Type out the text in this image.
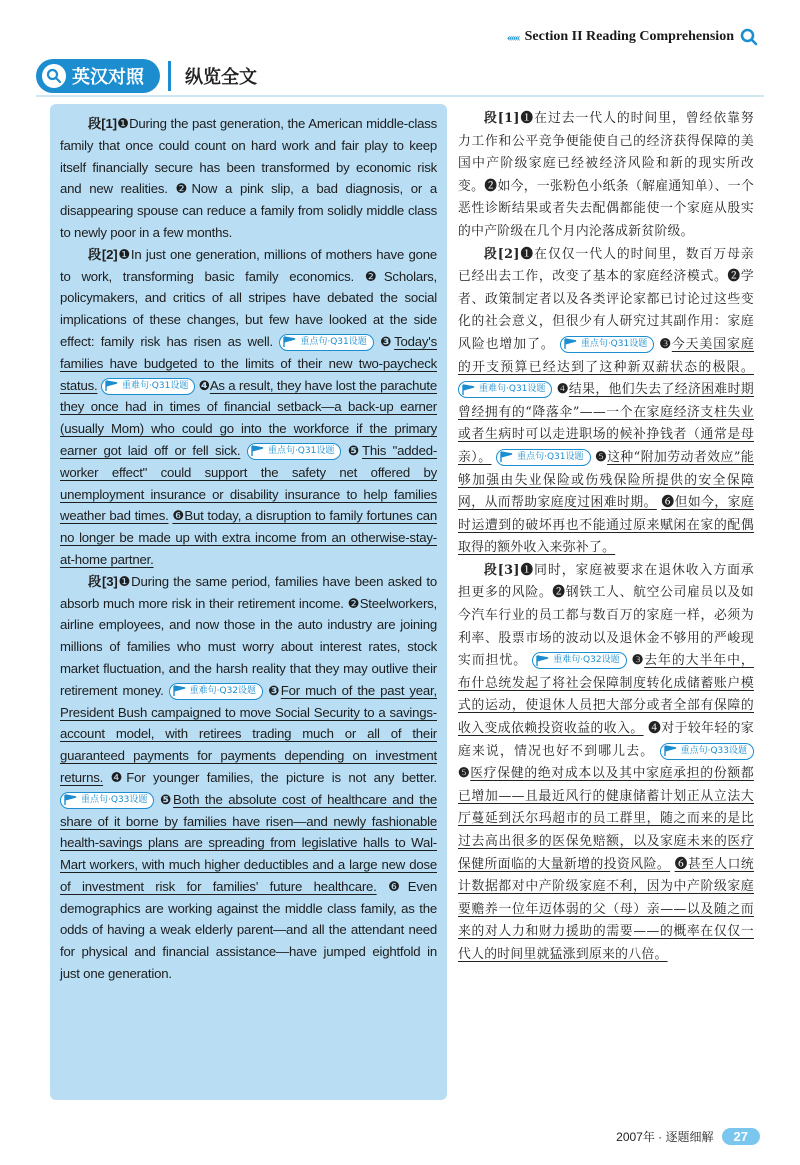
‹‹‹‹‹‹ Section II Reading Comprehension
英汉对照	纵览全文

段[1]❶During the past generation, the American middle-class family that once could count on hard work and fair play to keep itself financially secure has been transformed by economic risk and new realities. ❷Now a pink slip, a bad diagnosis, or a disappearing spouse can reduce a family from solidly middle class to newly poor in a few months.

段[2]❶In just one generation, millions of mothers have gone to work, transforming basic family economics. ❷Scholars, policymakers, and critics of all stripes have debated the social implications of these changes, but few have looked at the side effect: family risk has risen as well.	重点句·Q31设题 ❸Today's families have budgeted to the limits of their new two-paycheck status.	重难句·Q31设题 ❹As a result, they have lost the parachute they once had in times of financial setback—a back-up earner (usually Mom) who could go into the workforce if the primary earner got laid off or fell sick.	重点句·Q31设题 ❺This "added-worker effect" could support the safety net offered by unemployment insurance or disability insurance to help families weather bad times. ❻But today, a disruption to family fortunes can no longer be made up with extra income from an otherwise-stay-at-home partner.

段[3]❶During the same period, families have been asked to absorb much more risk in their retirement income. ❷Steelworkers, airline employees, and now those in the auto industry are joining millions of families who must worry about interest rates, stock market fluctuation, and the harsh reality that they may outlive their retirement money.	重难句·Q32设题 ❸For much of the past year, President Bush campaigned to move Social Security to a savings-account model, with retirees trading much or all of their guaranteed payments for payments depending on investment returns. ❹For younger families, the picture is not any better.
重点句·Q33设题 ❺Both the absolute cost of healthcare and the share of it borne by families have risen—and newly fashionable health-savings plans are spreading from legislative halls to Wal-Mart workers, with much higher deductibles and a large new dose of investment risk for families' future healthcare. ❻Even demographics are working against the middle class family, as the odds of having a weak elderly parent—and all the attendant need for physical and financial assistance—have jumped eightfold in just one generation.

段[1]❶在过去一代人的时间里，曾经依靠努力工作和公平竞争便能使自己的经济获得保障的美国中产阶级家庭已经被经济风险和新的现实所改变。❷如今，一张粉色小纸条（解雇通知单）、一个恶性诊断结果或者失去配偶都能使一个家庭从殷实的中产阶级在几个月内沦落成新贫阶级。

段[2]❶在仅仅一代人的时间里，数百万母亲已经出去工作，改变了基本的家庭经济模式。❷学者、政策制定者以及各类评论家都已讨论过这些变化的社会意义，但很少有人研究过其副作用：家庭风险也增加了。	重点句·Q31设题 ❸今天美国家庭的开支预算已经达到了这种新双薪状态的极限。
重难句·Q31设题 ❹结果，他们失去了经济困难时期曾经拥有的“降落伞”——一个在家庭经济支柱失业或者生病时可以走进职场的候补挣钱者（通常是母亲）。	重点句·Q31设题 ❺这种“附加劳动者效应”能够加强由失业保险或伤残保险所提供的安全保障网，从而帮助家庭度过困难时期。 ❻但如今，家庭时运遭到的破坏再也不能通过原来赋闲在家的配偶取得的额外收入来弥补了。

段[3]❶同时，家庭被要求在退休收入方面承担更多的风险。❷钢铁工人、航空公司雇员以及如今汽车行业的员工都与数百万的家庭一样，必须为利率、股票市场的波动以及退休金不够用的严峻现实而担忧。	重难句·Q32设题 ❸去年的大半年中，布什总统发起了将社会保障制度转化成储蓄账户模式的运动，使退休人员把大部分或者全部有保障的收入变成依赖投资收益的收入。 ❹对于较年轻的家庭来说，情况也好不到哪儿去。	重点句·Q33设题
❺医疗保健的绝对成本以及其中家庭承担的份额都已增加——且最近风行的健康储蓄计划正从立法大厅蔓延到沃尔玛超市的员工群里，随之而来的是比过去高出很多的医保免赔额，以及家庭未来的医疗保健所面临的大量新增的投资风险。 ❻甚至人口统计数据都对中产阶级家庭不利，因为中产阶级家庭要赡养一位年迈体弱的父（母）亲——以及随之而来的对人力和财力援助的需要——的概率在仅仅一代人的时间里就猛涨到原来的八倍。

2007年 · 逐题细解	27
